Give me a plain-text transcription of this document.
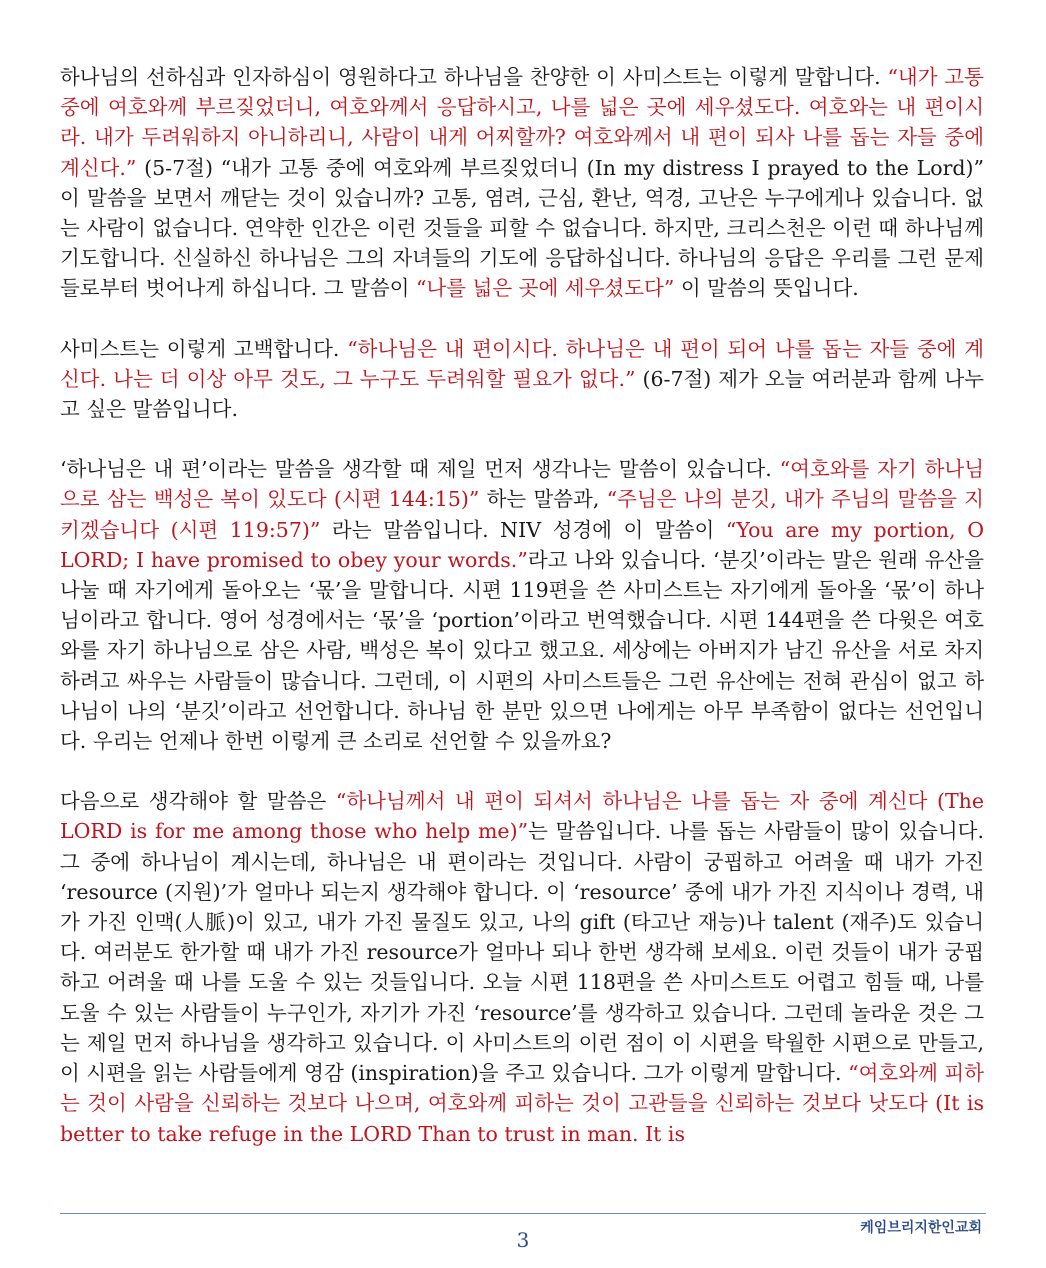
하나님의 선하심과 인자하심이 영원하다고 하나님을 찬양한 이 사미스트는 이렇게 말합니다. “내가 고통 중에 여호와께 부르짖었더니, 여호와께서 응답하시고, 나를 넓은 곳에 세우셨도다. 여호와는 내 편이시라. 내가 두려워하지 아니하리니, 사람이 내게 어찌할까? 여호와께서 내 편이 되사 나를 돕는 자들 중에 계신다.” (5-7절) “내가 고통 중에 여호와께 부르짖었더니 (In my distress I prayed to the Lord)” 이 말씀을 보면서 깨닫는 것이 있습니까? 고통, 염려, 근심, 환난, 역경, 고난은 누구에게나 있습니다. 없는 사람이 없습니다. 연약한 인간은 이런 것들을 피할 수 없습니다. 하지만, 크리스천은 이런 때 하나님께 기도합니다. 신실하신 하나님은 그의 자녀들의 기도에 응답하십니다. 하나님의 응답은 우리를 그런 문제들로부터 벗어나게 하십니다. 그 말씀이 “나를 넓은 곳에 세우셨도다” 이 말씀의 뜻입니다.

사미스트는 이렇게 고백합니다. “하나님은 내 편이시다. 하나님은 내 편이 되어 나를 돕는 자들 중에 계신다. 나는 더 이상 아무 것도, 그 누구도 두려워할 필요가 없다.” (6-7절) 제가 오늘 여러분과 함께 나누고 싶은 말씀입니다.

‘하나님은 내 편’이라는 말씀을 생각할 때 제일 먼저 생각나는 말씀이 있습니다. “여호와를 자기 하나님으로 삼는 백성은 복이 있도다 (시편 144:15)” 하는 말씀과, “주님은 나의 분깃, 내가 주님의 말씀을 지키겠습니다 (시편 119:57)” 라는 말씀입니다. NIV 성경에 이 말씀이 “You are my portion, O LORD; I have promised to obey your words.”라고 나와 있습니다. ‘분깃’이라는 말은 원래 유산을 나눌 때 자기에게 돌아오는 ‘몫’을 말합니다. 시편 119편을 쓴 사미스트는 자기에게 돌아올 ‘몫’이 하나님이라고 합니다. 영어 성경에서는 ‘몫’을 ‘portion’이라고 번역했습니다. 시편 144편을 쓴 다윗은 여호와를 자기 하나님으로 삼은 사람, 백성은 복이 있다고 했고요. 세상에는 아버지가 남긴 유산을 서로 차지하려고 싸우는 사람들이 많습니다. 그런데, 이 시편의 사미스트들은 그런 유산에는 전혀 관심이 없고 하나님이 나의 ‘분깃’이라고 선언합니다. 하나님 한 분만 있으면 나에게는 아무 부족함이 없다는 선언입니다. 우리는 언제나 한번 이렇게 큰 소리로 선언할 수 있을까요?

다음으로 생각해야 할 말씀은 “하나님께서 내 편이 되셔서 하나님은 나를 돕는 자 중에 계신다 (The LORD is for me among those who help me)”는 말씀입니다. 나를 돕는 사람들이 많이 있습니다. 그 중에 하나님이 계시는데, 하나님은 내 편이라는 것입니다. 사람이 궁핍하고 어려울 때 내가 가진 ‘resource (지원)’가 얼마나 되는지 생각해야 합니다. 이 ‘resource’ 중에 내가 가진 지식이나 경력, 내가 가진 인맥(人脈)이 있고, 내가 가진 물질도 있고, 나의 gift (타고난 재능)나 talent (재주)도 있습니다. 여러분도 한가할 때 내가 가진 resource가 얼마나 되나 한번 생각해 보세요. 이런 것들이 내가 궁핍하고 어려울 때 나를 도울 수 있는 것들입니다. 오늘 시편 118편을 쓴 사미스트도 어렵고 힘들 때, 나를 도울 수 있는 사람들이 누구인가, 자기가 가진 ‘resource’를 생각하고 있습니다. 그런데 놀라운 것은 그는 제일 먼저 하나님을 생각하고 있습니다. 이 사미스트의 이런 점이 이 시편을 탁월한 시편으로 만들고, 이 시편을 읽는 사람들에게 영감 (inspiration)을 주고 있습니다. 그가 이렇게 말합니다. “여호와께 피하는 것이 사람을 신뢰하는 것보다 나으며, 여호와께 피하는 것이 고관들을 신뢰하는 것보다 낫도다 (It is better to take refuge in the LORD Than to trust in man. It is

케임브리지한인교회
3
